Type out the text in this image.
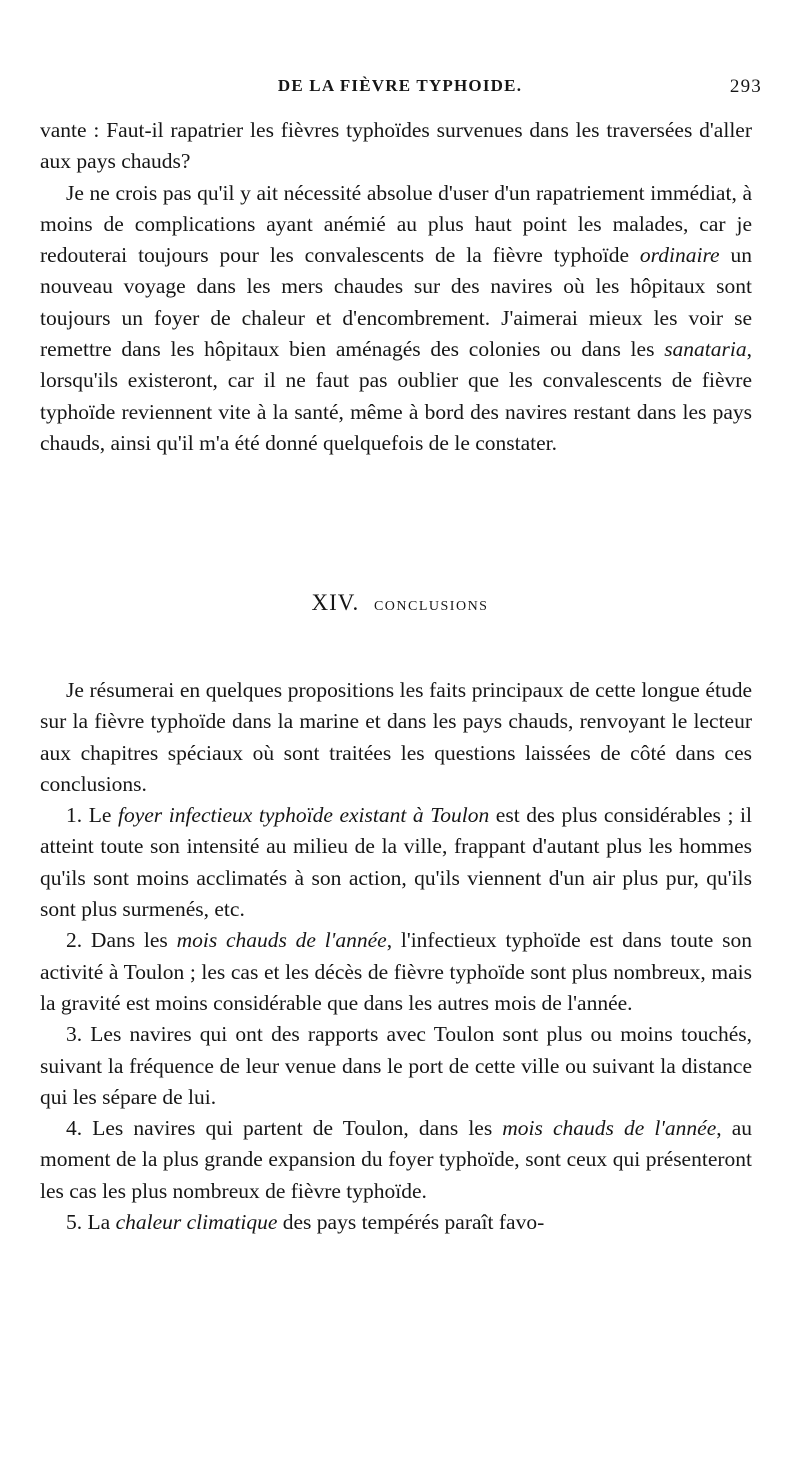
DE LA FIÈVRE TYPHOIDE.	293

vante : Faut-il rapatrier les fièvres typhoïdes survenues dans les traversées d'aller aux pays chauds?

Je ne crois pas qu'il y ait nécessité absolue d'user d'un rapatriement immédiat, à moins de complications ayant anémié au plus haut point les malades, car je redouterai toujours pour les convalescents de la fièvre typhoïde ordinaire un nouveau voyage dans les mers chaudes sur des navires où les hôpitaux sont toujours un foyer de chaleur et d'encombrement. J'aimerai mieux les voir se remettre dans les hôpitaux bien aménagés des colonies ou dans les sanataria, lorsqu'ils existeront, car il ne faut pas oublier que les convalescents de fièvre typhoïde reviennent vite à la santé, même à bord des navires restant dans les pays chauds, ainsi qu'il m'a été donné quelquefois de le constater.

XIV. CONCLUSIONS

Je résumerai en quelques propositions les faits principaux de cette longue étude sur la fièvre typhoïde dans la marine et dans les pays chauds, renvoyant le lecteur aux chapitres spéciaux où sont traitées les questions laissées de côté dans ces conclusions.

1. Le foyer infectieux typhoïde existant à Toulon est des plus considérables ; il atteint toute son intensité au milieu de la ville, frappant d'autant plus les hommes qu'ils sont moins acclimatés à son action, qu'ils viennent d'un air plus pur, qu'ils sont plus surmenés, etc.

2. Dans les mois chauds de l'année, l'infectieux typhoïde est dans toute son activité à Toulon ; les cas et les décès de fièvre typhoïde sont plus nombreux, mais la gravité est moins considérable que dans les autres mois de l'année.

3. Les navires qui ont des rapports avec Toulon sont plus ou moins touchés, suivant la fréquence de leur venue dans le port de cette ville ou suivant la distance qui les sépare de lui.

4. Les navires qui partent de Toulon, dans les mois chauds de l'année, au moment de la plus grande expansion du foyer typhoïde, sont ceux qui présenteront les cas les plus nombreux de fièvre typhoïde.

5. La chaleur climatique des pays tempérés paraît favo-
